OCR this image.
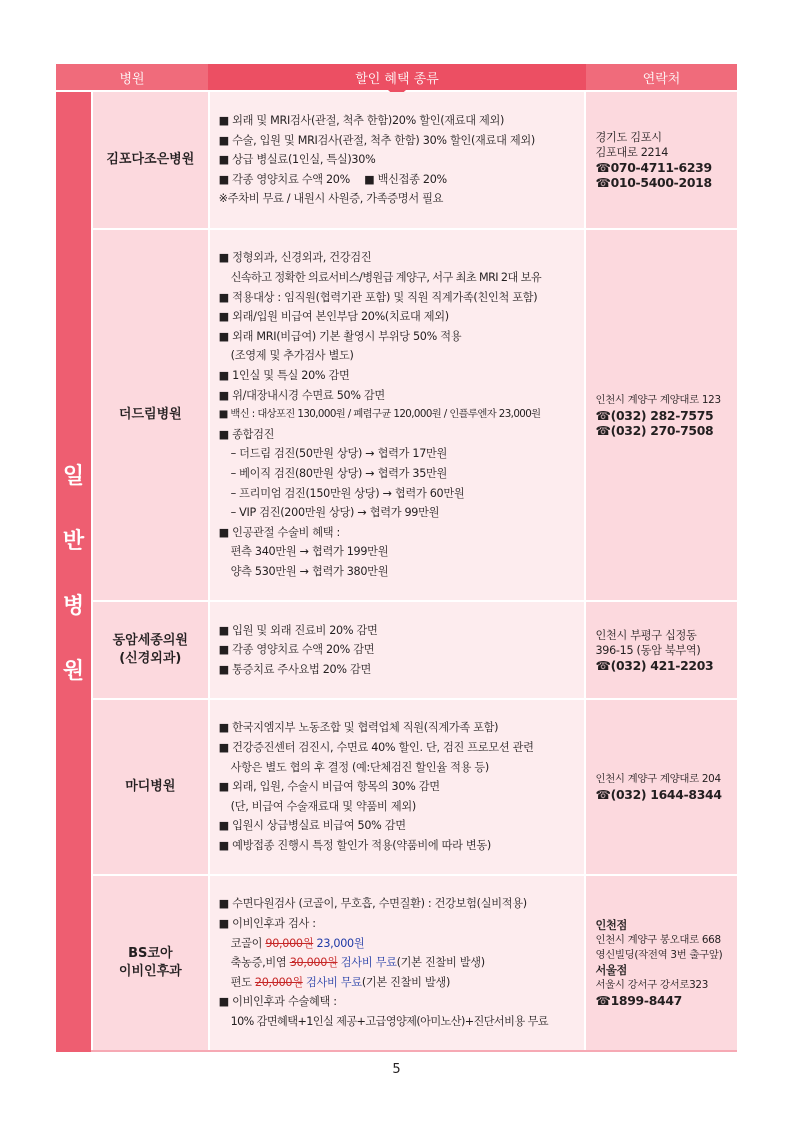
병원	할인 혜택 종류	연락처
일
반
병
원
김포다조은병원
■ 외래 및 MRI검사(관절, 척추 한함)20% 할인(재료대 제외)
■ 수술, 입원 및 MRI검사(관절, 척추 한함) 30% 할인(재료대 제외)
■ 상급 병실료(1인실, 특실)30%
■ 각종 영양치료 수액 20%　 ■ 백신접종 20%
※주차비 무료 / 내원시 사원증, 가족증명서 필요
경기도 김포시
김포대로 2214
☎070-4711-6239
☎010-5400-2018
더드림병원
■ 정형외과, 신경외과, 건강검진
신속하고 정확한 의료서비스/병원급 계양구, 서구 최초 MRI 2대 보유
■ 적용대상 : 임직원(협력기관 포함) 및 직원 직계가족(친인척 포함)
■ 외래/입원 비급여 본인부담 20%(치료대 제외)
■ 외래 MRI(비급여) 기본 촬영시 부위당 50% 적용
(조영제 및 추가검사 별도)
■ 1인실 및 특실 20% 감면
■ 위/대장내시경 수면료 50% 감면
■ 백신 : 대상포진 130,000원 / 폐렴구균 120,000원 / 인플루엔자 23,000원
■ 종합검진
– 더드림 검진(50만원 상당) → 협력가 17만원
– 베이직 검진(80만원 상당) → 협력가 35만원
– 프리미엄 검진(150만원 상당) → 협력가 60만원
– VIP 검진(200만원 상당) → 협력가 99만원
■ 인공관절 수술비 혜택 :
편측 340만원 → 협력가 199만원
양측 530만원 → 협력가 380만원
인천시 계양구 계양대로 123
☎(032) 282-7575
☎(032) 270-7508
동암세종의원
(신경외과)
■ 입원 및 외래 진료비 20% 감면
■ 각종 영양치료 수액 20% 감면
■ 통증치료 주사요법 20% 감면
인천시 부평구 십정동
396-15 (동암 북부역)
☎(032) 421-2203
마디병원
■ 한국지엠지부 노동조합 및 협력업체 직원(직계가족 포함)
■ 건강증진센터 검진시, 수면료 40% 할인. 단, 검진 프로모션 관련
사항은 별도 협의 후 결정 (예:단체검진 할인율 적용 등)
■ 외래, 입원, 수술시 비급여 항목의 30% 감면
(단, 비급여 수술재료대 및 약품비 제외)
■ 입원시 상급병실료 비급여 50% 감면
■ 예방접종 진행시 특정 할인가 적용(약품비에 따라 변동)
인천시 계양구 계양대로 204
☎(032) 1644-8344
BS코아
이비인후과
■ 수면다원검사 (코골이, 무호흡, 수면질환) : 건강보험(실비적용)
■ 이비인후과 검사 :
코골이 90,000원 23,000원
축농증,비염 30,000원 검사비 무료(기본 진찰비 발생)
편도 20,000원 검사비 무료(기본 진찰비 발생)
■ 이비인후과 수술혜택 :
10% 감면혜택+1인실 제공+고급영양제(아미노산)+진단서비용 무료
인천점
인천시 계양구 봉오대로 668
영신빌딩(작전역 3번 출구앞)
서울점
서울시 강서구 강서로323
☎1899-8447
5
